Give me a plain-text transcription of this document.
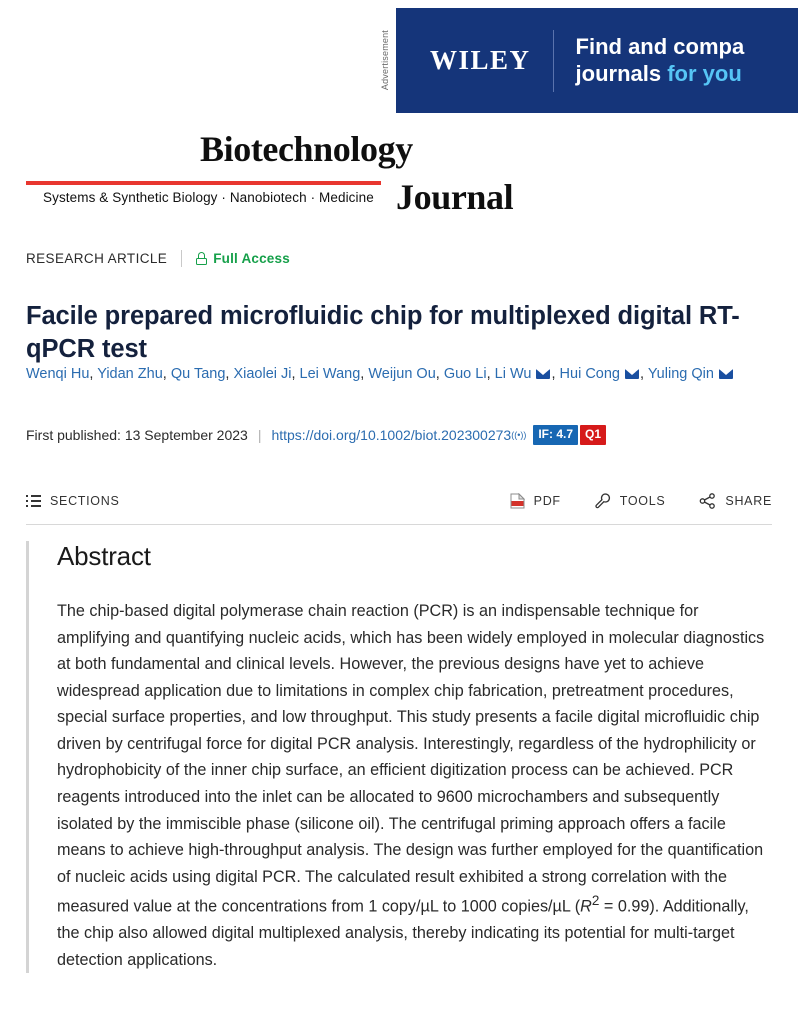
Advertisement WILEY Find and compa
journals for you
Biotechnology
Systems & Synthetic Biology · Nanobiotech · Medicine Journal
RESEARCH ARTICLE	Full Access
Facile prepared microfluidic chip for multiplexed digital RT-qPCR test
Wenqi Hu, Yidan Zhu, Qu Tang, Xiaolei Ji, Lei Wang, Weijun Ou, Guo Li, Li Wu , Hui Cong , Yuling Qin
First published:
13 September 2023 | https://doi.org/10.1002/biot.202300273 ((•))	IF: 4.7	Q1
SECTIONS	PDF	TOOLS	SHARE
Abstract

The chip-based digital polymerase chain reaction (PCR) is an indispensable technique for amplifying and quantifying nucleic acids, which has been widely employed in molecular diagnostics at both fundamental and clinical levels. However, the previous designs have yet to achieve widespread application due to limitations in complex chip fabrication, pretreatment procedures, special surface properties, and low throughput. This study presents a facile digital microfluidic chip driven by centrifugal force for digital PCR analysis. Interestingly, regardless of the hydrophilicity or hydrophobicity of the inner chip surface, an efficient digitization process can be achieved. PCR reagents introduced into the inlet can be allocated to 9600 microchambers and subsequently isolated by the immiscible phase (silicone oil). The centrifugal priming approach offers a facile means to achieve high-throughput analysis. The design was further employed for the quantification of nucleic acids using digital PCR. The calculated result exhibited a strong correlation with the measured value at the concentrations from 1 copy/µL to 1000 copies/µL $(R^2 = 0.99)$. Additionally, the chip also allowed digital multiplexed analysis, thereby indicating its potential for multi-target detection applications.
